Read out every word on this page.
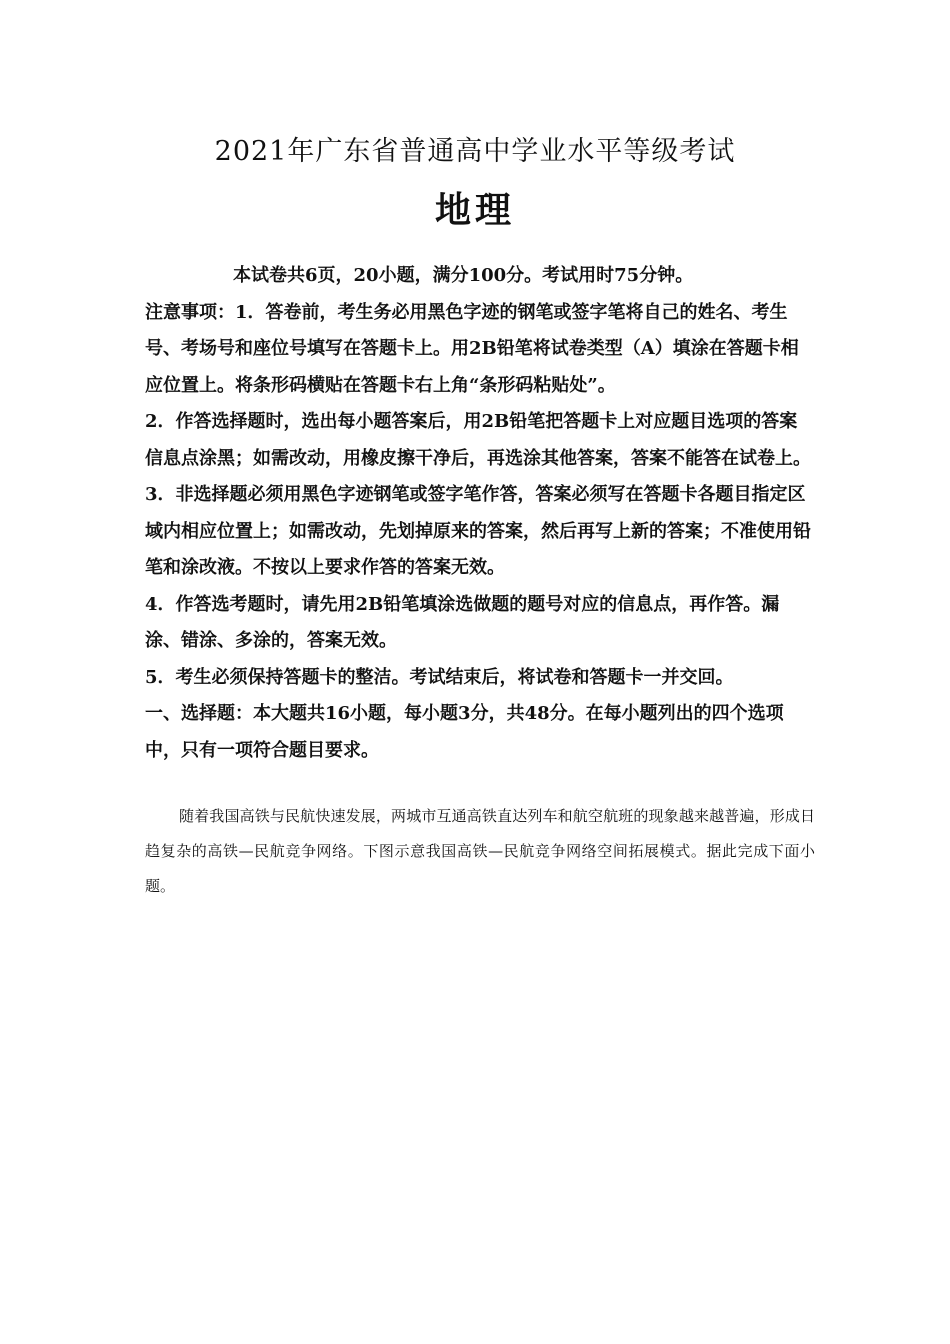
2021年广东省普通高中学业水平等级考试
地理

本试卷共6页，20小题，满分100分。考试用时75分钟。

注意事项：1．答卷前，考生务必用黑色字迹的钢笔或签字笔将自己的姓名、考生号、考场号和座位号填写在答题卡上。用2B铅笔将试卷类型（A）填涂在答题卡相应位置上。将条形码横贴在答题卡右上角“条形码粘贴处”。

2．作答选择题时，选出每小题答案后，用2B铅笔把答题卡上对应题目选项的答案信息点涂黑；如需改动，用橡皮擦干净后，再选涂其他答案，答案不能答在试卷上。

3．非选择题必须用黑色字迹钢笔或签字笔作答，答案必须写在答题卡各题目指定区域内相应位置上；如需改动，先划掉原来的答案，然后再写上新的答案；不准使用铅笔和涂改液。不按以上要求作答的答案无效。

4．作答选考题时，请先用2B铅笔填涂选做题的题号对应的信息点，再作答。漏涂、错涂、多涂的，答案无效。

5．考生必须保持答题卡的整洁。考试结束后，将试卷和答题卡一并交回。

一、选择题：本大题共16小题，每小题3分，共48分。在每小题列出的四个选项中，只有一项符合题目要求。

随着我国高铁与民航快速发展，两城市互通高铁直达列车和航空航班的现象越来越普遍，形成日趋复杂的高铁—民航竞争网络。下图示意我国高铁—民航竞争网络空间拓展模式。据此完成下面小题。
